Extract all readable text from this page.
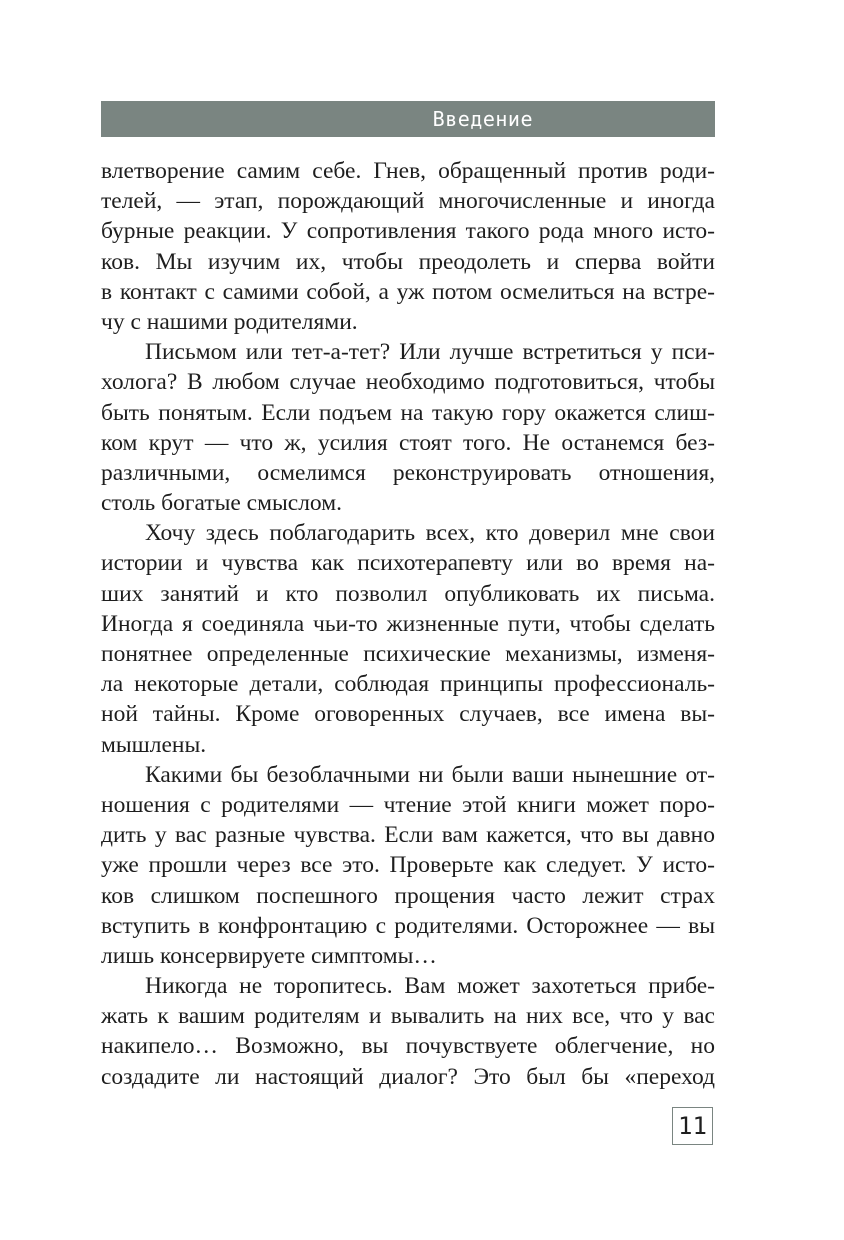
Введение
влетворение самим себе. Гнев, обращенный против роди-
телей, — этап, порождающий многочисленные и иногда
бурные реакции. У сопротивления такого рода много исто-
ков. Мы изучим их, чтобы преодолеть и сперва войти
в контакт с самими собой, а уж потом осмелиться на встре-
чу с нашими родителями.
Письмом или тет-а-тет? Или лучше встретиться у пси-
холога? В любом случае необходимо подготовиться, чтобы
быть понятым. Если подъем на такую гору окажется слиш-
ком крут — что ж, усилия стоят того. Не останемся без-
различными, осмелимся реконструировать отношения,
столь богатые смыслом.
Хочу здесь поблагодарить всех, кто доверил мне свои
истории и чувства как психотерапевту или во время на-
ших занятий и кто позволил опубликовать их письма.
Иногда я соединяла чьи-то жизненные пути, чтобы сделать
понятнее определенные психические механизмы, изменя-
ла некоторые детали, соблюдая принципы профессиональ-
ной тайны. Кроме оговоренных случаев, все имена вы-
мышлены.
Какими бы безоблачными ни были ваши нынешние от-
ношения с родителями — чтение этой книги может поро-
дить у вас разные чувства. Если вам кажется, что вы давно
уже прошли через все это. Проверьте как следует. У исто-
ков слишком поспешного прощения часто лежит страх
вступить в конфронтацию с родителями. Осторожнее — вы
лишь консервируете симптомы…
Никогда не торопитесь. Вам может захотеться прибе-
жать к вашим родителям и вывалить на них все, что у вас
накипело… Возможно, вы почувствуете облегчение, но
создадите ли настоящий диалог? Это был бы «переход
11
